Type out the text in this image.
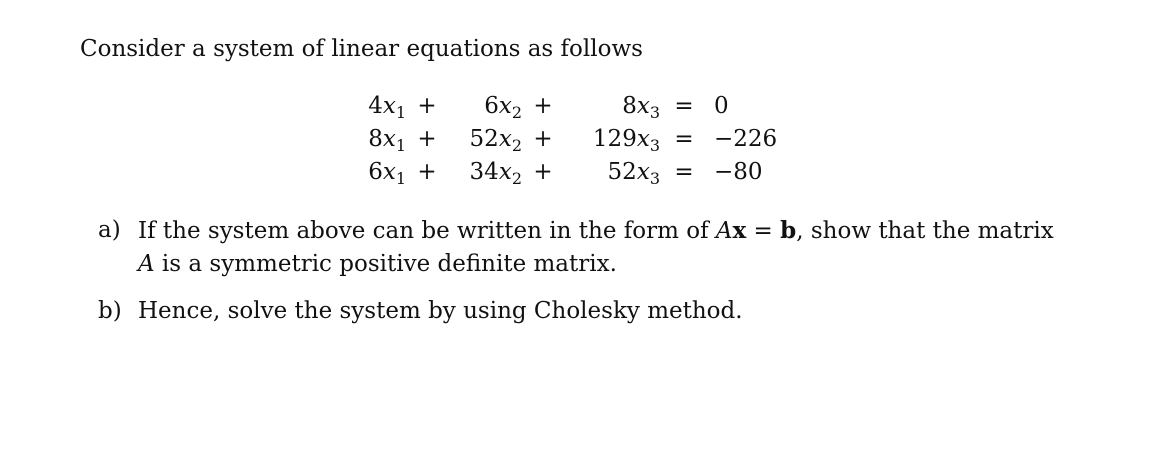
Consider a system of linear equations as follows
$4x_1$	+	$6x_2$	+	$8x_3$	=	0
$8x_1$	+	$52x_2$	+	$129x_3$	=	−226
$6x_1$	+	$34x_2$	+	$52x_3$	=	−80
a) If the system above can be written in the form of Ax = b, show that the matrix
A is a symmetric positive definite matrix.
b) Hence, solve the system by using Cholesky method.
